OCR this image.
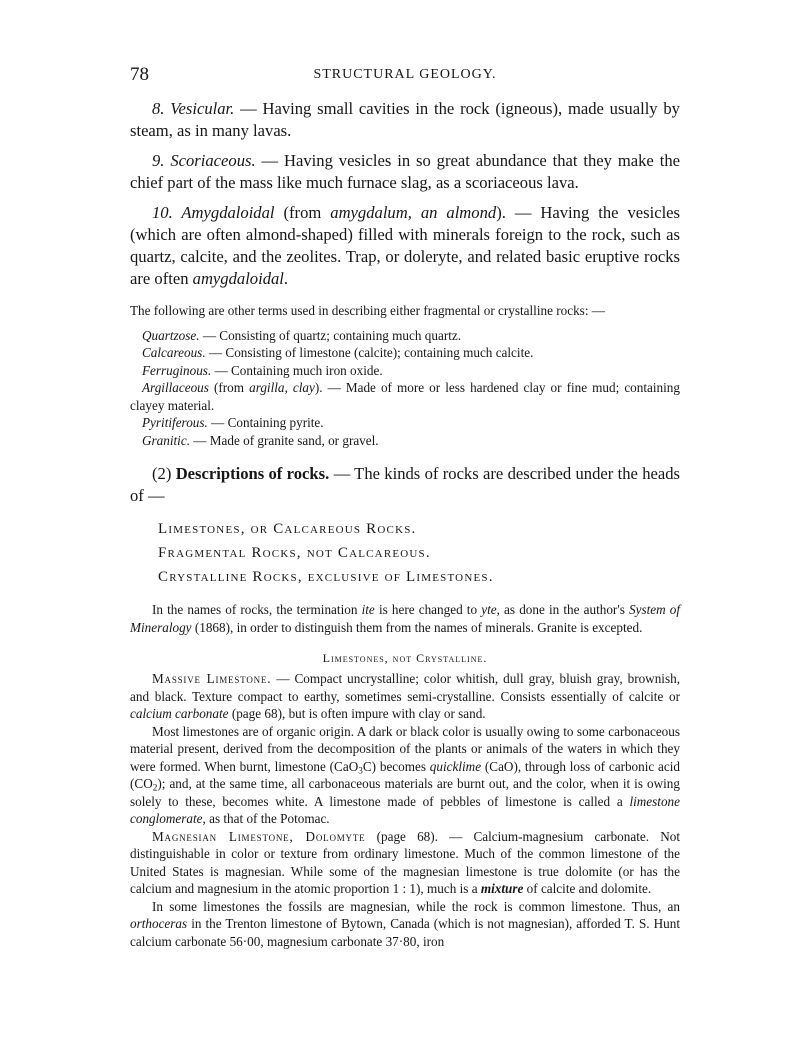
78	STRUCTURAL GEOLOGY.

8. Vesicular. — Having small cavities in the rock (igneous), made usually by steam, as in many lavas.

9. Scoriaceous. — Having vesicles in so great abundance that they make the chief part of the mass like much furnace slag, as a scoriaceous lava.

10. Amygdaloidal (from amygdalum, an almond). — Having the vesicles (which are often almond-shaped) filled with minerals foreign to the rock, such as quartz, calcite, and the zeolites. Trap, or doleryte, and related basic eruptive rocks are often amygdaloidal.

The following are other terms used in describing either fragmental or crystalline rocks: —

Quartzose. — Consisting of quartz; containing much quartz.

Calcareous. — Consisting of limestone (calcite); containing much calcite.

Ferruginous. — Containing much iron oxide.

Argillaceous (from argilla, clay). — Made of more or less hardened clay or fine mud; containing clayey material.

Pyritiferous. — Containing pyrite.

Granitic. — Made of granite sand, or gravel.

(2) Descriptions of rocks. — The kinds of rocks are described under the heads of —

Limestones, or Calcareous Rocks.
Fragmental Rocks, not Calcareous.
Crystalline Rocks, exclusive of Limestones.

In the names of rocks, the termination ite is here changed to yte, as done in the author's System of Mineralogy (1868), in order to distinguish them from the names of minerals. Granite is excepted.

Limestones, not Crystalline.

Massive Limestone. — Compact uncrystalline; color whitish, dull gray, bluish gray, brownish, and black. Texture compact to earthy, sometimes semi-crystalline. Consists essentially of calcite or calcium carbonate (page 68), but is often impure with clay or sand.

Most limestones are of organic origin. A dark or black color is usually owing to some carbonaceous material present, derived from the decomposition of the plants or animals of the waters in which they were formed. When burnt, limestone (CaO$_3$C) becomes quicklime (CaO), through loss of carbonic acid $(CO_2)$; and, at the same time, all carbonaceous materials are burnt out, and the color, when it is owing solely to these, becomes white. A limestone made of pebbles of limestone is called a limestone conglomerate, as that of the Potomac.

Magnesian Limestone, Dolomyte (page 68). — Calcium-magnesium carbonate. Not distinguishable in color or texture from ordinary limestone. Much of the common limestone of the United States is magnesian. While some of the magnesian limestone is true dolomite (or has the calcium and magnesium in the atomic proportion 1 : 1), much is a mixture of calcite and dolomite.

In some limestones the fossils are magnesian, while the rock is common limestone. Thus, an orthoceras in the Trenton limestone of Bytown, Canada (which is not magnesian), afforded T. S. Hunt calcium carbonate 56·00, magnesium carbonate 37·80, iron
